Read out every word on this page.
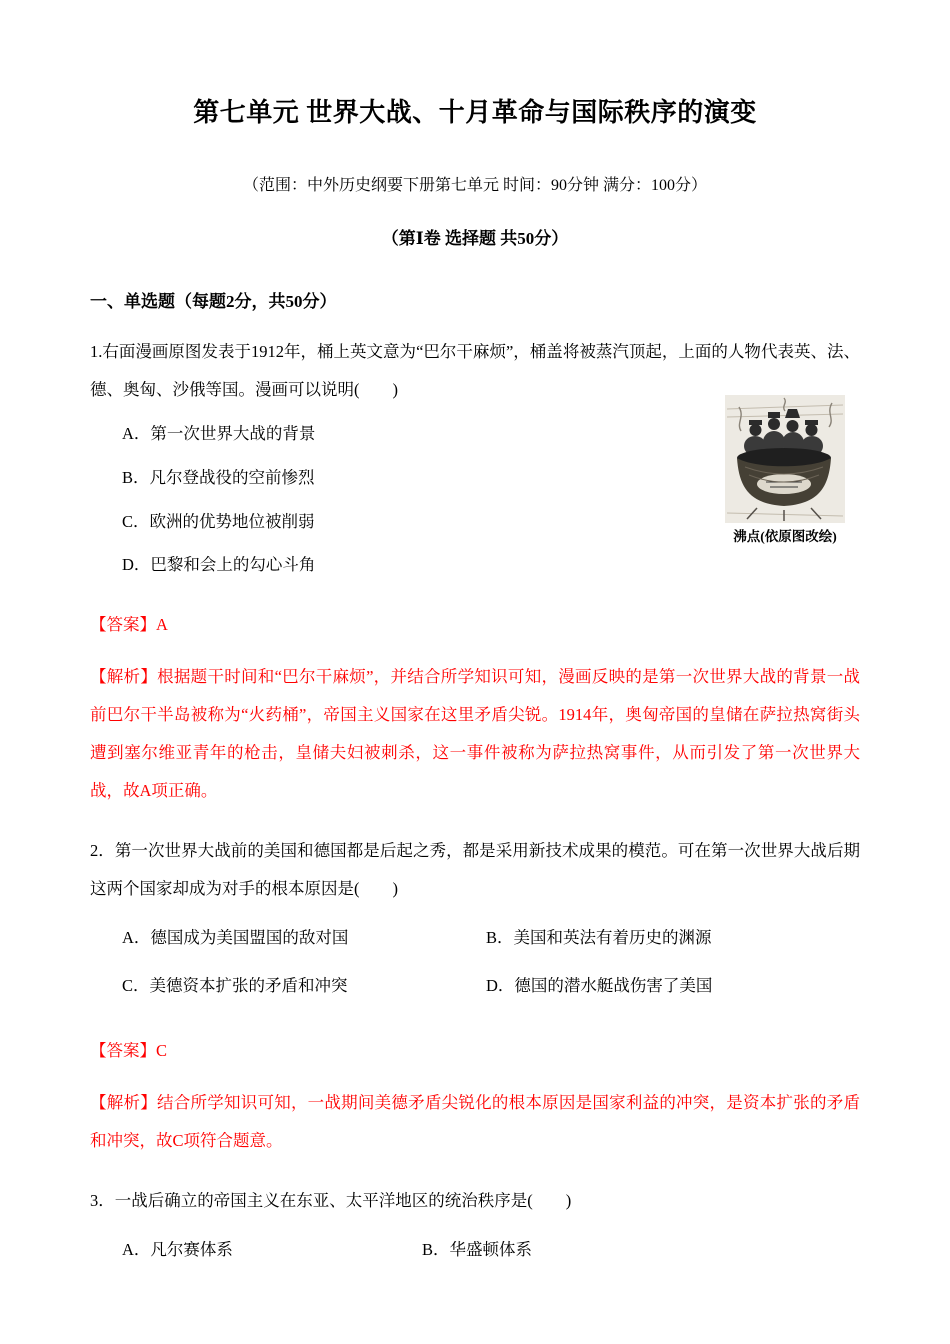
第七单元 世界大战、十月革命与国际秩序的演变

（范围：中外历史纲要下册第七单元 时间：90分钟 满分：100分）

（第Ⅰ卷 选择题 共50分）

一、单选题（每题2分，共50分）

1.右面漫画原图发表于1912年，桶上英文意为“巴尔干麻烦”，桶盖将被蒸汽顶起，上面的人物代表英、法、德、奥匈、沙俄等国。漫画可以说明(　　)

沸点(依原图改绘)

A．第一次世界大战的背景

B．凡尔登战役的空前惨烈

C．欧洲的优势地位被削弱

D．巴黎和会上的勾心斗角

【答案】A

【解析】根据题干时间和“巴尔干麻烦”，并结合所学知识可知，漫画反映的是第一次世界大战的背景一战前巴尔干半岛被称为“火药桶”，帝国主义国家在这里矛盾尖锐。1914年，奥匈帝国的皇储在萨拉热窝街头遭到塞尔维亚青年的枪击，皇储夫妇被刺杀，这一事件被称为萨拉热窝事件，从而引发了第一次世界大战，故A项正确。

2．第一次世界大战前的美国和德国都是后起之秀，都是采用新技术成果的模范。可在第一次世界大战后期这两个国家却成为对手的根本原因是(　　)

A．德国成为美国盟国的敌对国	B．美国和英法有着历史的渊源
C．美德资本扩张的矛盾和冲突	D．德国的潜水艇战伤害了美国

【答案】C

【解析】结合所学知识可知，一战期间美德矛盾尖锐化的根本原因是国家利益的冲突，是资本扩张的矛盾和冲突，故C项符合题意。

3．一战后确立的帝国主义在东亚、太平洋地区的统治秩序是(　　)

A．凡尔赛体系	B．华盛顿体系
